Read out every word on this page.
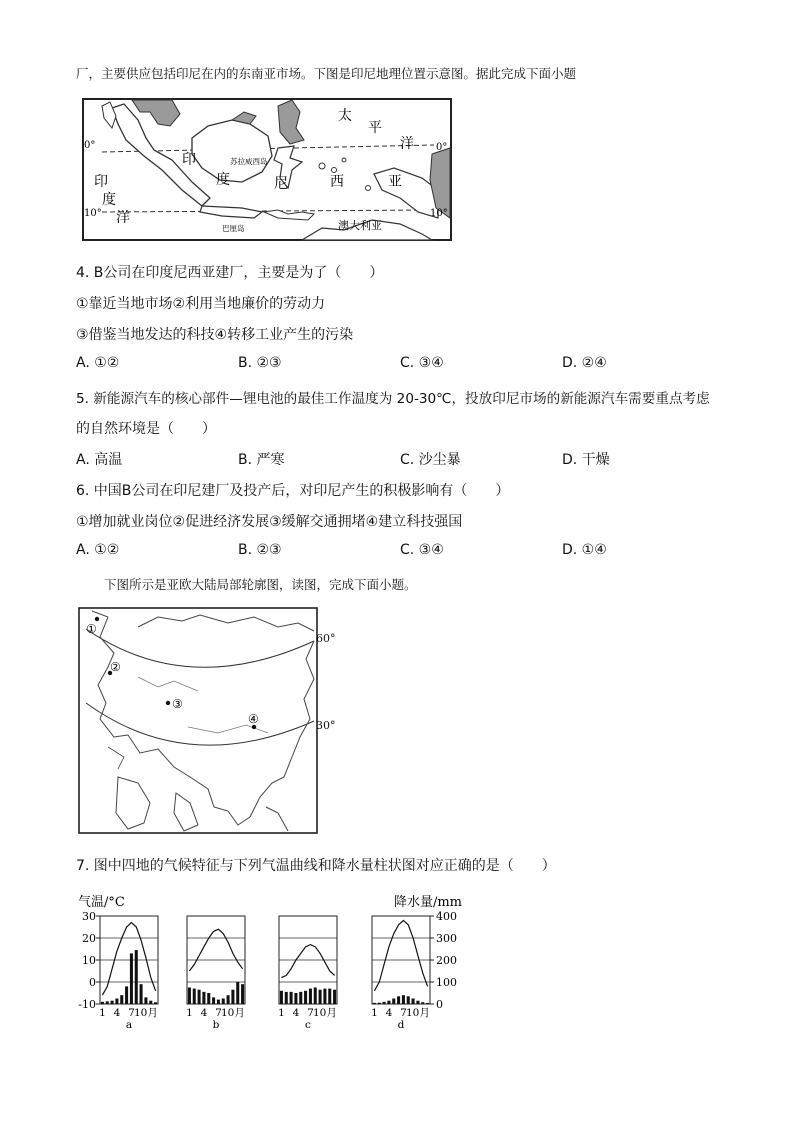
厂，主要供应包括印尼在内的东南亚市场。下图是印尼地理位置示意图。据此完成下面小题
太
平
洋
印
度
洋
印
度	尼	西	亚
苏拉威西岛
巴厘岛	澳大利亚
0°	0°
10°	10°
4. B公司在印度尼西亚建厂，主要是为了（　　）
①靠近当地市场②利用当地廉价的劳动力
③借鉴当地发达的科技④转移工业产生的污染
A. ①②	B. ②③	C. ③④	D. ②④
5. 新能源汽车的核心部件—锂电池的最佳工作温度为 20-30℃，投放印尼市场的新能源汽车需要重点考虑
的自然环境是（　　）
A. 高温	B. 严寒	C. 沙尘暴	D. 干燥
6. 中国B公司在印尼建厂及投产后，对印尼产生的积极影响有（　　）
①增加就业岗位②促进经济发展③缓解交通拥堵④建立科技强国
A. ①②	B. ②③	C. ③④	D. ①④
下图所示是亚欧大陆局部轮廓图，读图，完成下面小题。
①
②
③
④
60°
30°
7. 图中四地的气候特征与下列气温曲线和降水量柱状图对应正确的是（　　）
气温/°C	降水量/mm
30
20
10
0
-10
400
300
200
100
0
1 4 7 10月
a
1 4 7 10月
b
1 4 7 10月
c
1 4 7 10月
d
